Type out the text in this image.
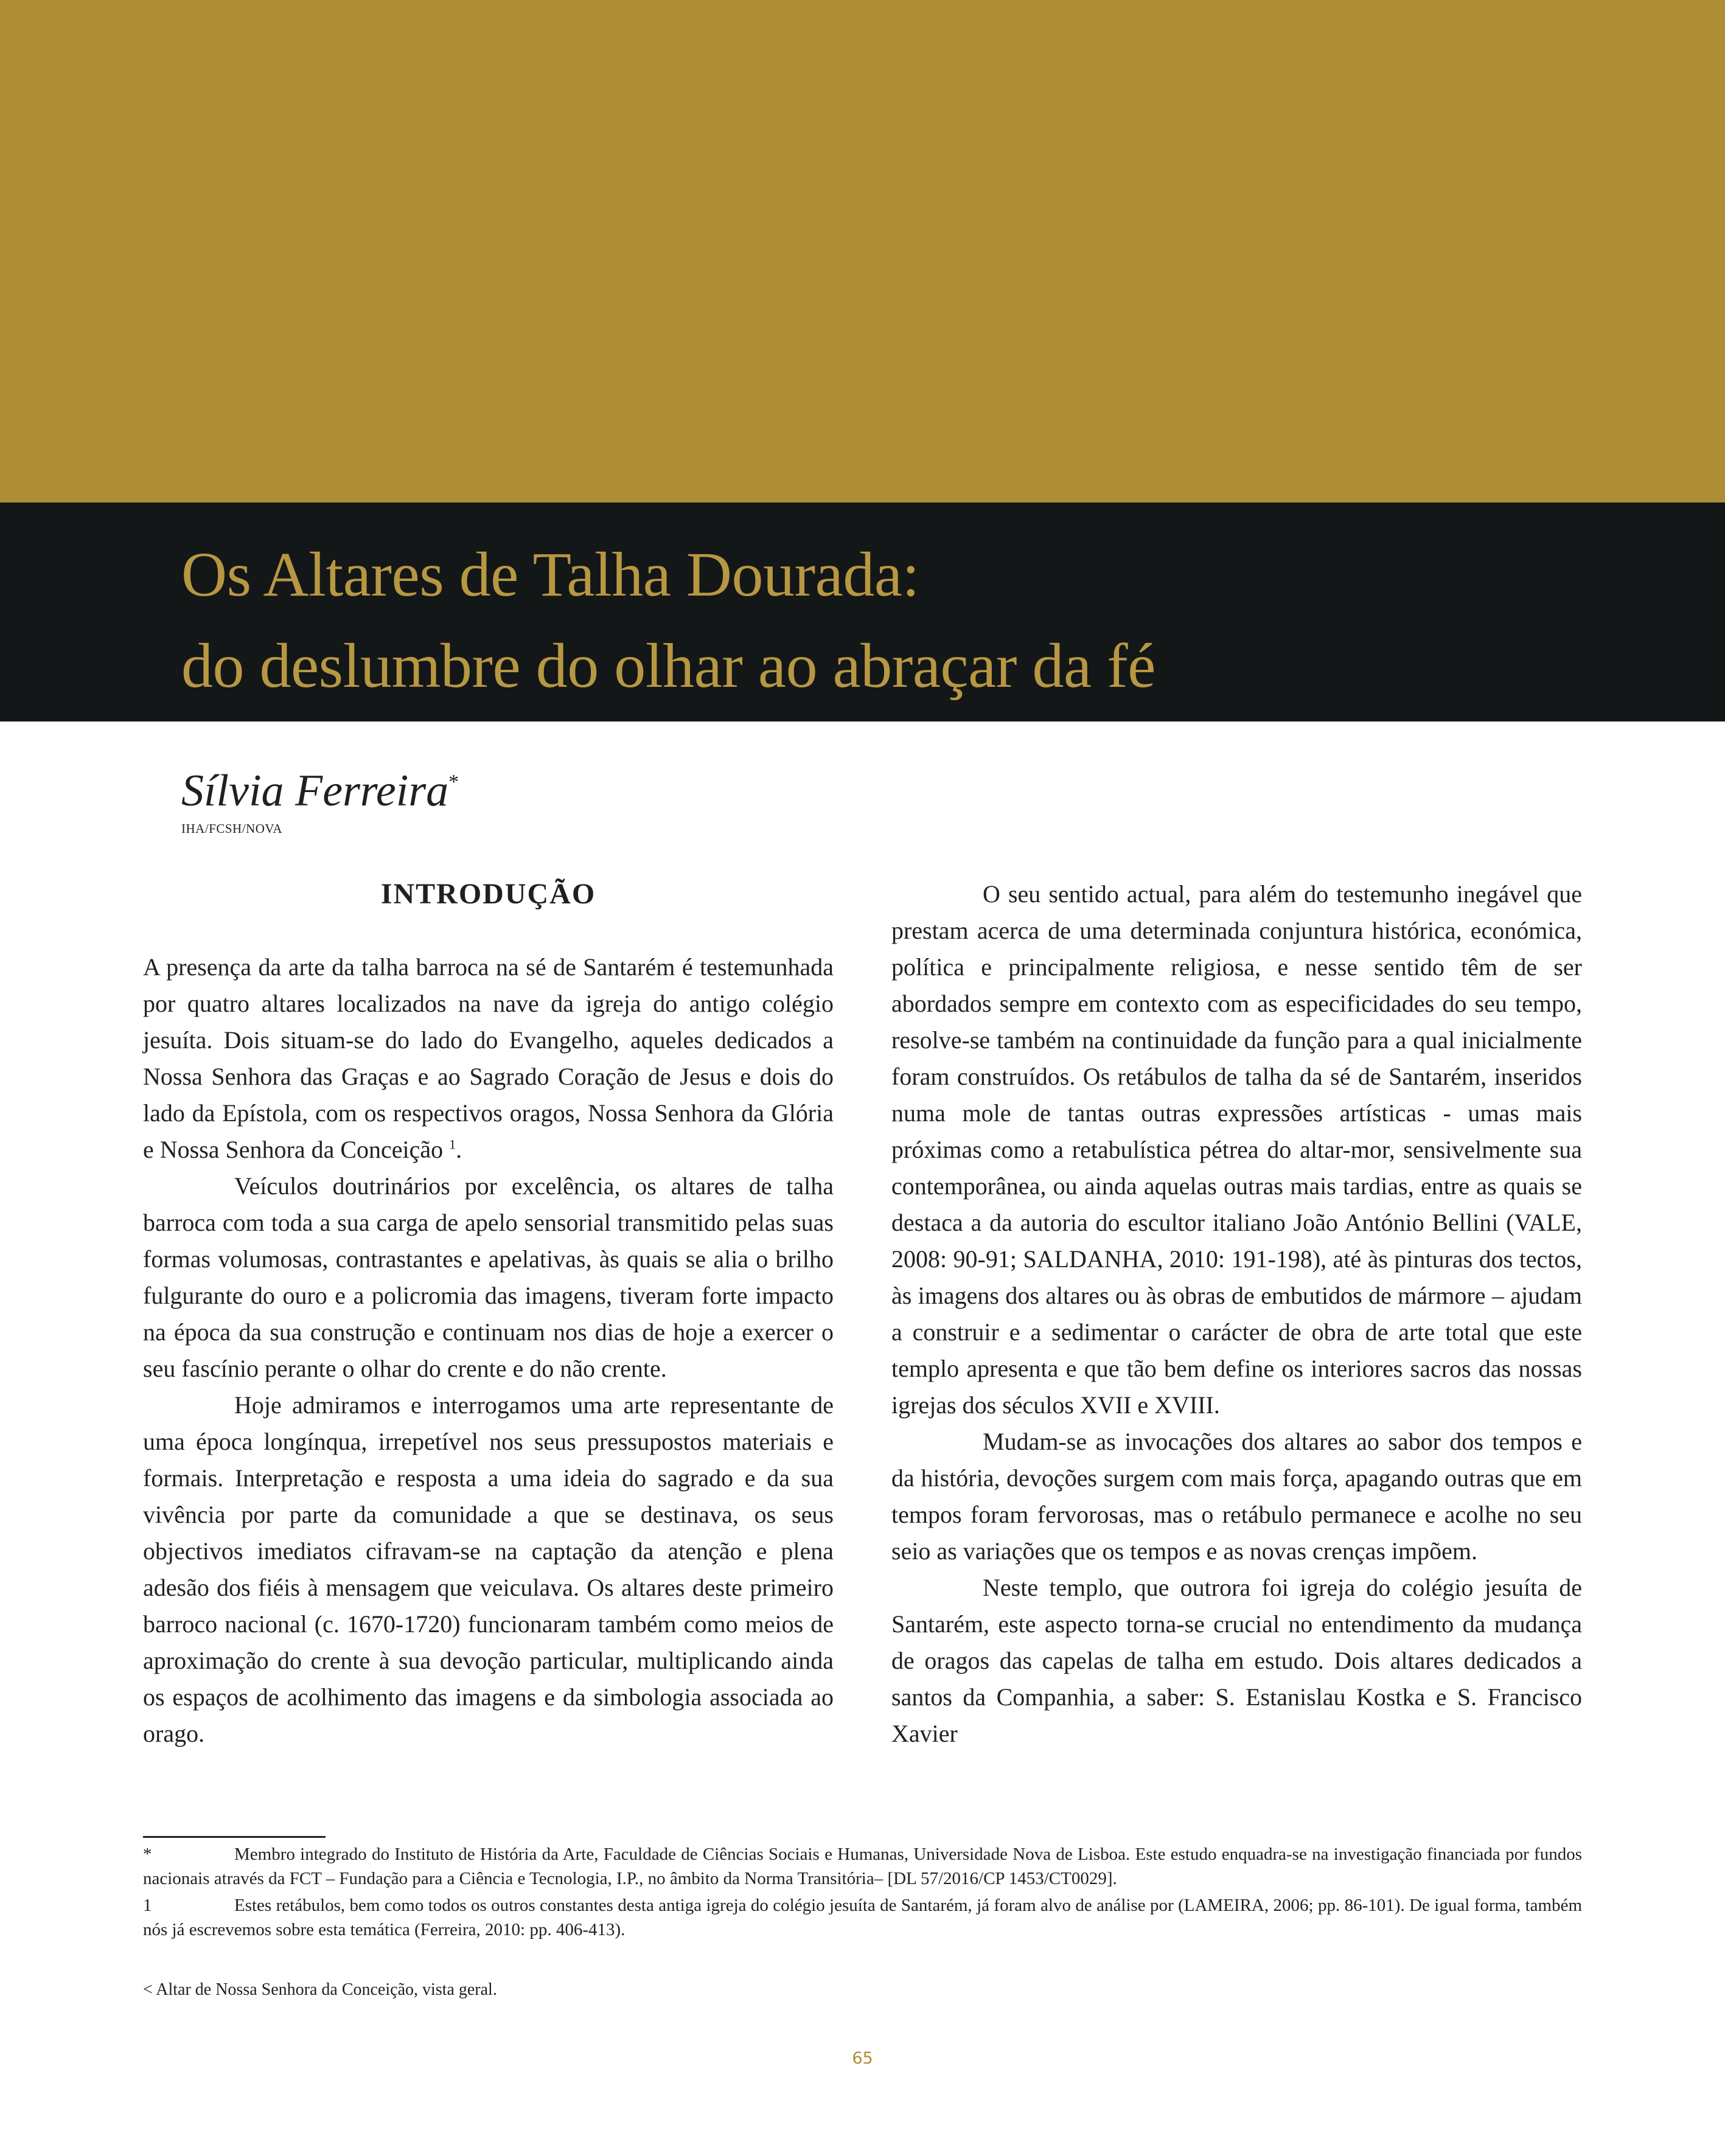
Os Altares de Talha Dourada:
do deslumbre do olhar ao abraçar da fé
Sílvia Ferreira*
IHA/FCSH/NOVA
INTRODUÇÃO

A presença da arte da talha barroca na sé de Santarém é testemunhada por quatro altares localizados na nave da igreja do antigo colégio jesuíta. Dois situam-se do lado do Evangelho, aqueles dedicados a Nossa Senhora das Graças e ao Sagrado Coração de Jesus e dois do lado da Epístola, com os respectivos oragos, Nossa Senhora da Glória e Nossa Senhora da Conceição $^1$.

Veículos doutrinários por excelência, os altares de talha barroca com toda a sua carga de apelo sensorial transmitido pelas suas formas volumosas, contrastantes e apelativas, às quais se alia o brilho fulgurante do ouro e a policromia das imagens, tiveram forte impacto na época da sua construção e continuam nos dias de hoje a exercer o seu fascínio perante o olhar do crente e do não crente.

Hoje admiramos e interrogamos uma arte representante de uma época longínqua, irrepetível nos seus pressupostos materiais e formais. Interpretação e resposta a uma ideia do sagrado e da sua vivência por parte da comunidade a que se destinava, os seus objectivos imediatos cifravam-se na captação da atenção e plena adesão dos fiéis à mensagem que veiculava. Os altares deste primeiro barroco nacional (c. 1670-1720) funcionaram também como meios de aproximação do crente à sua devoção particular, multiplicando ainda os espaços de acolhimento das imagens e da simbologia associada ao orago.

O seu sentido actual, para além do testemunho inegável que prestam acerca de uma determinada conjuntura histórica, económica, política e principalmente religiosa, e nesse sentido têm de ser abordados sempre em contexto com as especificidades do seu tempo, resolve-se também na continuidade da função para a qual inicialmente foram construídos. Os retábulos de talha da sé de Santarém, inseridos numa mole de tantas outras expressões artísticas - umas mais próximas como a retabulística pétrea do altar-mor, sensivelmente sua contemporânea, ou ainda aquelas outras mais tardias, entre as quais se destaca a da autoria do escultor italiano João António Bellini (VALE, 2008: 90-91; SALDANHA, 2010: 191-198), até às pinturas dos tectos, às imagens dos altares ou às obras de embutidos de mármore – ajudam a construir e a sedimentar o carácter de obra de arte total que este templo apresenta e que tão bem define os interiores sacros das nossas igrejas dos séculos XVII e XVIII.

Mudam-se as invocações dos altares ao sabor dos tempos e da história, devoções surgem com mais força, apagando outras que em tempos foram fervorosas, mas o retábulo permanece e acolhe no seu seio as variações que os tempos e as novas crenças impõem.

Neste templo, que outrora foi igreja do colégio jesuíta de Santarém, este aspecto torna-se crucial no entendimento da mudança de oragos das capelas de talha em estudo. Dois altares dedicados a santos da Companhia, a saber: S. Estanislau Kostka e S. Francisco Xavier

*	Membro integrado do Instituto de História da Arte, Faculdade de Ciências Sociais e Humanas, Universidade Nova de Lisboa. Este estudo enquadra-se na investigação financiada por fundos nacionais através da FCT – Fundação para a Ciência e Tecnologia, I.P., no âmbito da Norma Transitória– [DL 57/2016/CP 1453/CT0029].

1	Estes retábulos, bem como todos os outros constantes desta antiga igreja do colégio jesuíta de Santarém, já foram alvo de análise por (LAMEIRA, 2006; pp. 86-101). De igual forma, também nós já escrevemos sobre esta temática (Ferreira, 2010: pp. 406-413).

< Altar de Nossa Senhora da Conceição, vista geral.
65
